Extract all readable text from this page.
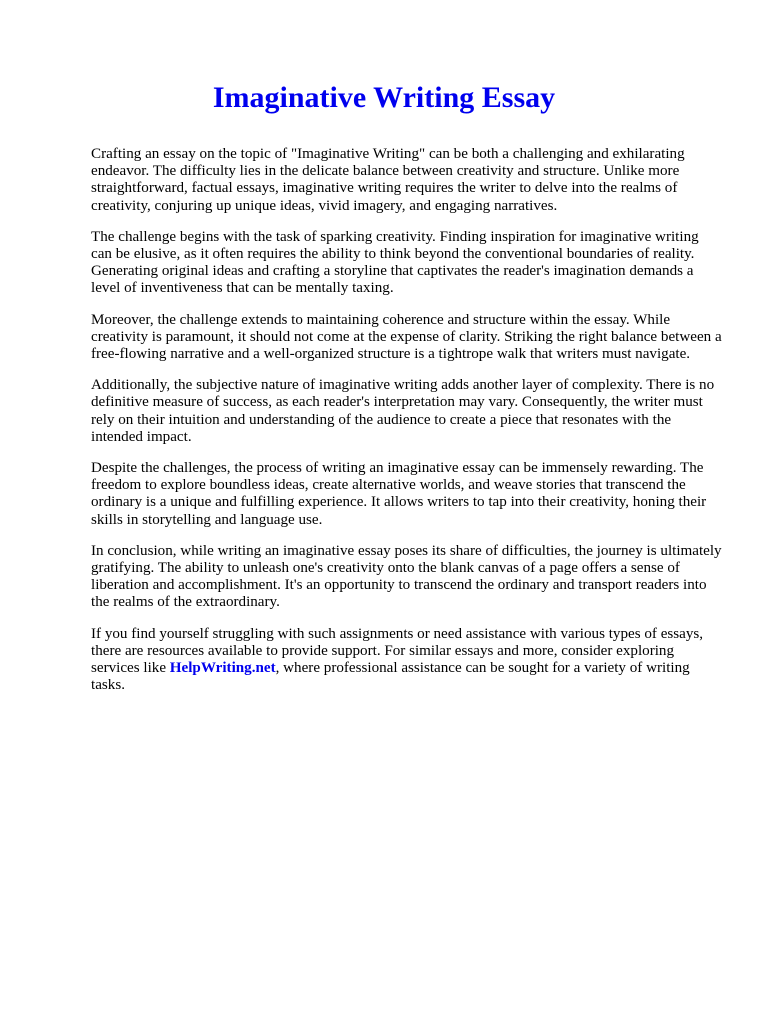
Imaginative Writing Essay

Crafting an essay on the topic of "Imaginative Writing" can be both a challenging and exhilarating endeavor. The difficulty lies in the delicate balance between creativity and structure. Unlike more straightforward, factual essays, imaginative writing requires the writer to delve into the realms of creativity, conjuring up unique ideas, vivid imagery, and engaging narratives.

The challenge begins with the task of sparking creativity. Finding inspiration for imaginative writing can be elusive, as it often requires the ability to think beyond the conventional boundaries of reality. Generating original ideas and crafting a storyline that captivates the reader's imagination demands a level of inventiveness that can be mentally taxing.

Moreover, the challenge extends to maintaining coherence and structure within the essay. While creativity is paramount, it should not come at the expense of clarity. Striking the right balance between a free-flowing narrative and a well-organized structure is a tightrope walk that writers must navigate.

Additionally, the subjective nature of imaginative writing adds another layer of complexity. There is no definitive measure of success, as each reader's interpretation may vary. Consequently, the writer must rely on their intuition and understanding of the audience to create a piece that resonates with the intended impact.

Despite the challenges, the process of writing an imaginative essay can be immensely rewarding. The freedom to explore boundless ideas, create alternative worlds, and weave stories that transcend the ordinary is a unique and fulfilling experience. It allows writers to tap into their creativity, honing their skills in storytelling and language use.

In conclusion, while writing an imaginative essay poses its share of difficulties, the journey is ultimately gratifying. The ability to unleash one's creativity onto the blank canvas of a page offers a sense of liberation and accomplishment. It's an opportunity to transcend the ordinary and transport readers into the realms of the extraordinary.

If you find yourself struggling with such assignments or need assistance with various types of essays, there are resources available to provide support. For similar essays and more, consider exploring services like HelpWriting.net, where professional assistance can be sought for a variety of writing tasks.
